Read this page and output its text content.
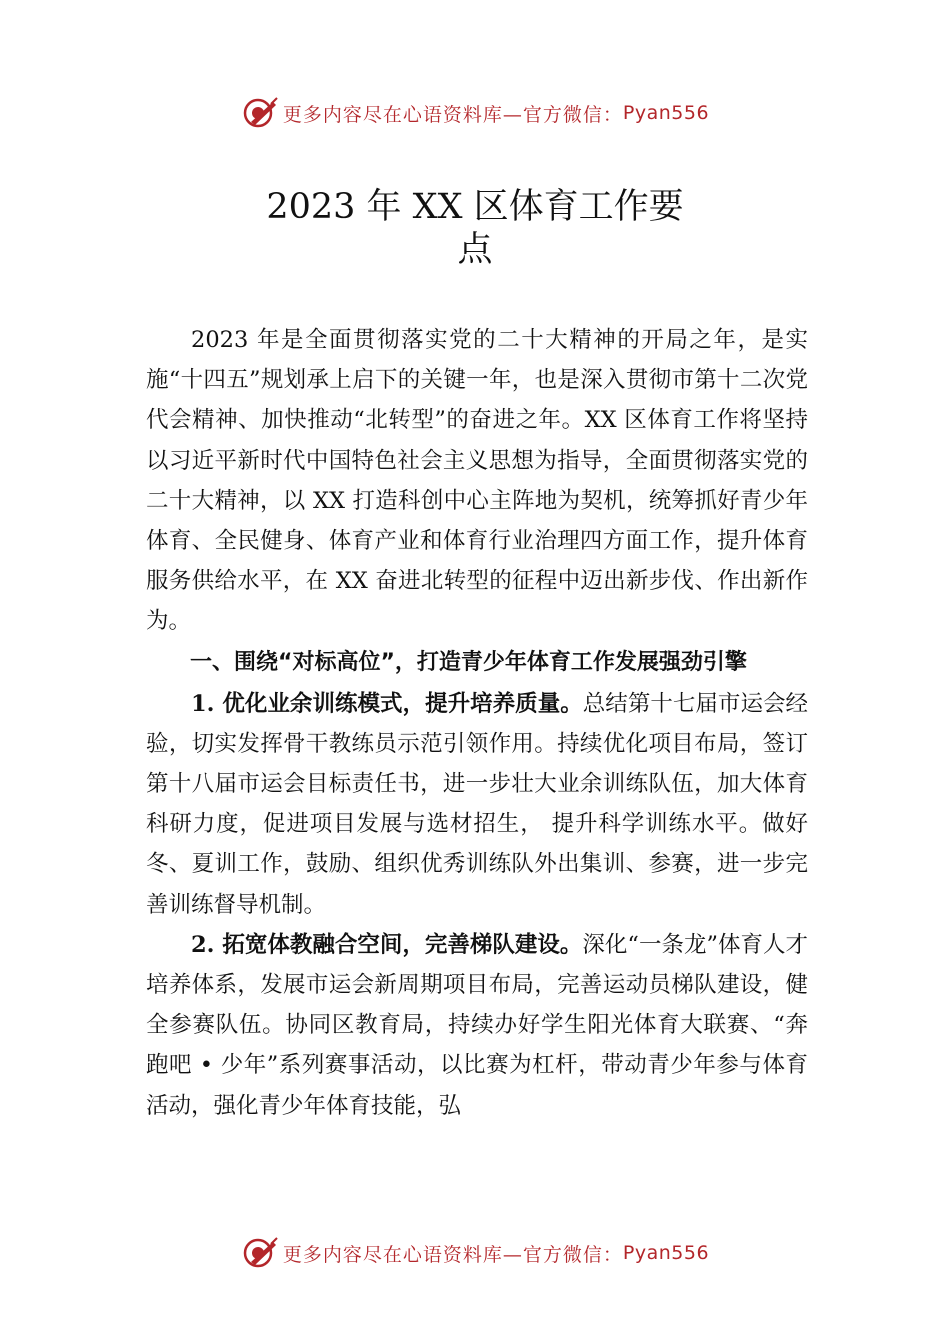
更多内容尽在心语资料库—官方微信： Pyan556
2023 年 XX 区体育工作要
点

2023 年是全面贯彻落实党的二十大精神的开局之年，是实施“十四五”规划承上启下的关键一年，也是深入贯彻市第十二次党代会精神、加快推动“北转型”的奋进之年。XX 区体育工作将坚持以习近平新时代中国特色社会主义思想为指导，全面贯彻落实党的二十大精神，以 XX 打造科创中心主阵地为契机，统筹抓好青少年体育、全民健身、体育产业和体育行业治理四方面工作，提升体育服务供给水平，在 XX 奋进北转型的征程中迈出新步伐、作出新作为。

一、围绕“对标高位”，打造青少年体育工作发展强劲引擎

1. 优化业余训练模式，提升培养质量。总结第十七届市运会经验，切实发挥骨干教练员示范引领作用。持续优化项目布局，签订第十八届市运会目标责任书，进一步壮大业余训练队伍，加大体育科研力度，促进项目发展与选材招生， 提升科学训练水平。做好冬、夏训工作，鼓励、组织优秀训练队外出集训、参赛，进一步完善训练督导机制。

2. 拓宽体教融合空间，完善梯队建设。深化“一条龙”体育人才培养体系，发展市运会新周期项目布局，完善运动员梯队建设，健全参赛队伍。协同区教育局，持续办好学生阳光体育大联赛、“奔跑吧 • 少年”系列赛事活动，以比赛为杠杆，带动青少年参与体育活动，强化青少年体育技能，弘

更多内容尽在心语资料库—官方微信： Pyan556
